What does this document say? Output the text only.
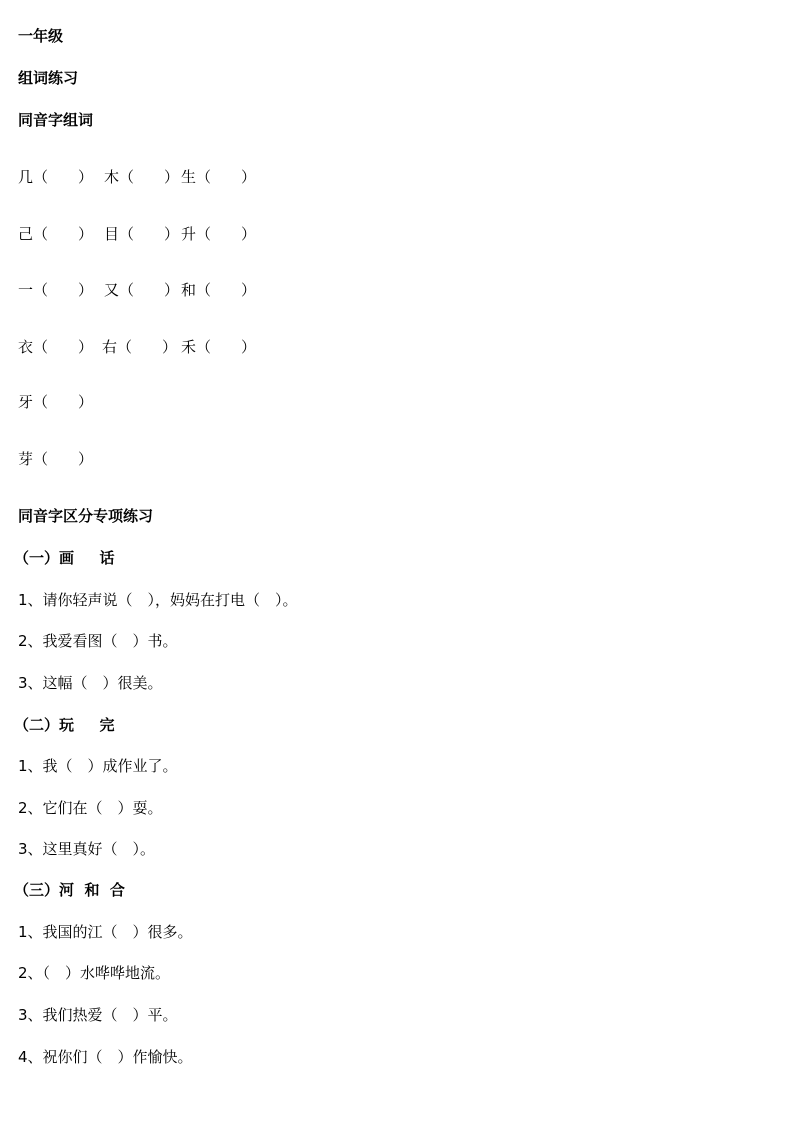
一年级
组词练习
同音字组词
几（　　） 木（　　） 生（　　）
己（　　） 目（　　） 升（　　）
一（　　） 又（　　） 和（　　）
衣（　　） 右（　　） 禾（　　）
牙（　　）
芽（　　）
同音字区分专项练习
（一）画　  话
1、请你轻声说（　），妈妈在打电（　）。
2、我爱看图（　）书。
3、这幅（　）很美。
（二）玩　  完
1、我（　）成作业了。
2、它们在（　）耍。
3、这里真好（　）。
（三）河  和  合
1、我国的江（　）很多。
2、（　）水哗哗地流。
3、我们热爱（　）平。
4、祝你们（　）作愉快。
